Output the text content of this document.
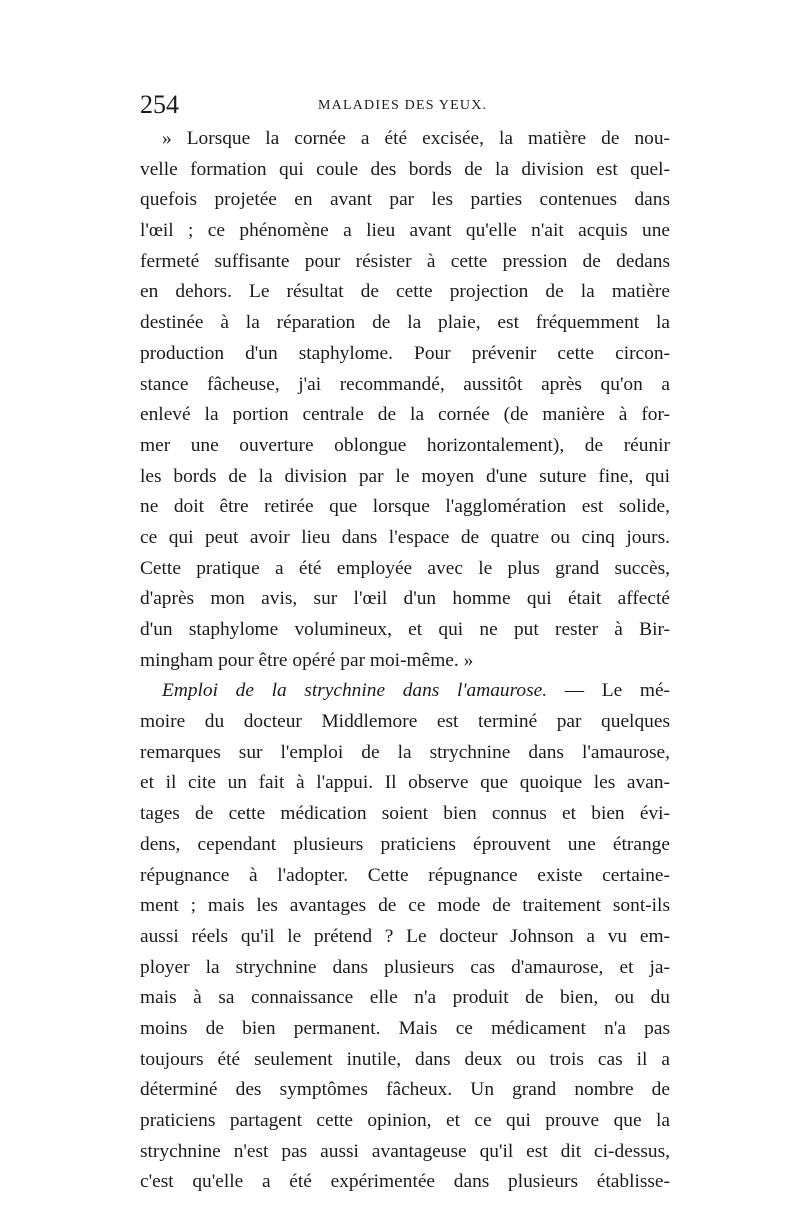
254	MALADIES DES YEUX.
» Lorsque la cornée a été excisée, la matière de nou-
velle formation qui coule des bords de la division est quel-
quefois projetée en avant par les parties contenues dans
l'œil ; ce phénomène a lieu avant qu'elle n'ait acquis une
fermeté suffisante pour résister à cette pression de dedans
en dehors. Le résultat de cette projection de la matière
destinée à la réparation de la plaie, est fréquemment la
production d'un staphylome. Pour prévenir cette circon-
stance fâcheuse, j'ai recommandé, aussitôt après qu'on a
enlevé la portion centrale de la cornée (de manière à for-
mer une ouverture oblongue horizontalement), de réunir
les bords de la division par le moyen d'une suture fine, qui
ne doit être retirée que lorsque l'agglomération est solide,
ce qui peut avoir lieu dans l'espace de quatre ou cinq jours.
Cette pratique a été employée avec le plus grand succès,
d'après mon avis, sur l'œil d'un homme qui était affecté
d'un staphylome volumineux, et qui ne put rester à Bir-
mingham pour être opéré par moi-même. »
Emploi de la strychnine dans l'amaurose. — Le mé-
moire du docteur Middlemore est terminé par quelques
remarques sur l'emploi de la strychnine dans l'amaurose,
et il cite un fait à l'appui. Il observe que quoique les avan-
tages de cette médication soient bien connus et bien évi-
dens, cependant plusieurs praticiens éprouvent une étrange
répugnance à l'adopter. Cette répugnance existe certaine-
ment ; mais les avantages de ce mode de traitement sont-ils
aussi réels qu'il le prétend ? Le docteur Johnson a vu em-
ployer la strychnine dans plusieurs cas d'amaurose, et ja-
mais à sa connaissance elle n'a produit de bien, ou du
moins de bien permanent. Mais ce médicament n'a pas
toujours été seulement inutile, dans deux ou trois cas il a
déterminé des symptômes fâcheux. Un grand nombre de
praticiens partagent cette opinion, et ce qui prouve que la
strychnine n'est pas aussi avantageuse qu'il est dit ci-dessus,
c'est qu'elle a été expérimentée dans plusieurs établisse-
